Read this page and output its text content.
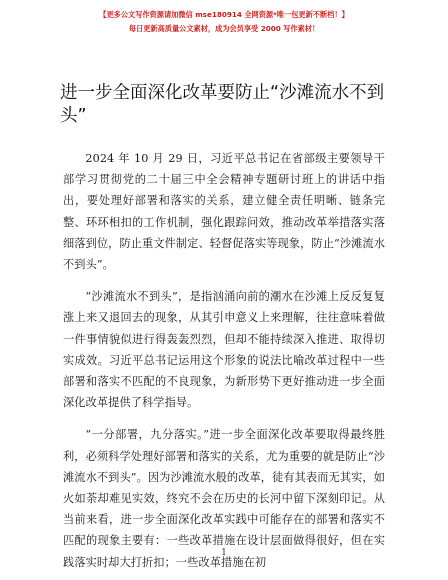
【更多公文写作资源请加微信 mse180914 全网资源*唯一包更新不断档！】
每日更新高质量公文素材，成为会员享受 2000 写作素材！
进一步全面深化改革要防止“沙滩流水不到头”

2024 年 10 月 29 日，习近平总书记在省部级主要领导干部学习贯彻党的二十届三中全会精神专题研讨班上的讲话中指出，要处理好部署和落实的关系，建立健全责任明晰、链条完整、环环相扣的工作机制，强化跟踪问效，推动改革举措落实落细落到位，防止重文件制定、轻督促落实等现象，防止“沙滩流水不到头”。

“沙滩流水不到头”，是指汹涌向前的潮水在沙滩上反反复复涨上来又退回去的现象，从其引申意义上来理解，往往意味着做一件事情貌似进行得轰轰烈烈，但却不能持续深入推进、取得切实成效。习近平总书记运用这个形象的说法比喻改革过程中一些部署和落实不匹配的不良现象，为新形势下更好推动进一步全面深化改革提供了科学指导。

“一分部署，九分落实。”进一步全面深化改革要取得最终胜利，必须科学处理好部署和落实的关系，尤为重要的就是防止“沙滩流水不到头”。因为沙滩流水般的改革，徒有其表而无其实，如火如荼却难见实效，终究不会在历史的长河中留下深刻印记。从当前来看，进一步全面深化改革实践中可能存在的部署和落实不匹配的现象主要有：一些改革措施在设计层面做得很好，但在实践落实时却大打折扣；一些改革措施在初

1
